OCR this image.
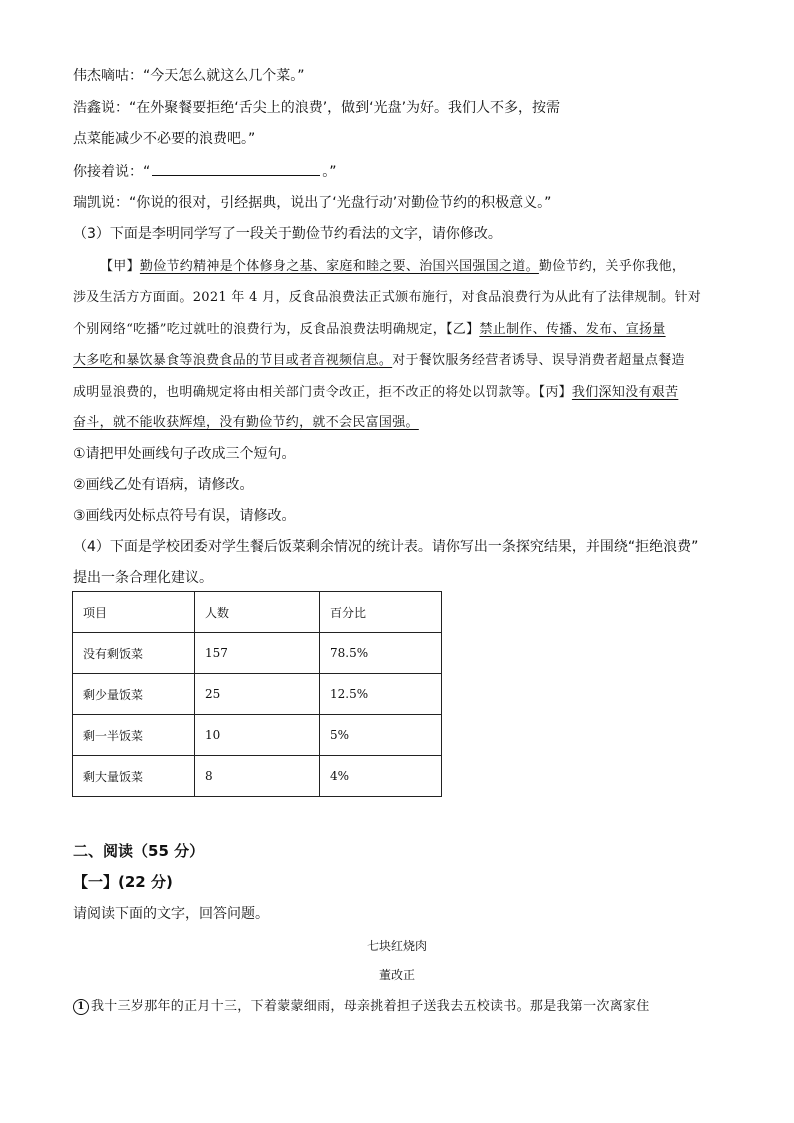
伟杰嘀咕：“今天怎么就这么几个菜。”
浩鑫说：“在外聚餐要拒绝‘舌尖上的浪费’，做到‘光盘’为好。我们人不多，按需
点菜能减少不必要的浪费吧。”
你接着说：“	。”
瑞凯说：“你说的很对，引经据典，说出了‘光盘行动’对勤俭节约的积极意义。”
（3）下面是李明同学写了一段关于勤俭节约看法的文字，请你修改。
【甲】勤俭节约精神是个体修身之基、家庭和睦之要、治国兴国强国之道。勤俭节约，关乎你我他，
涉及生活方方面面。2021 年 4 月，反食品浪费法正式颁布施行，对食品浪费行为从此有了法律规制。针对
个别网络“吃播”吃过就吐的浪费行为，反食品浪费法明确规定，【乙】禁止制作、传播、发布、宣扬量
大多吃和暴饮暴食等浪费食品的节目或者音视频信息。对于餐饮服务经营者诱导、误导消费者超量点餐造
成明显浪费的，也明确规定将由相关部门责令改正，拒不改正的将处以罚款等。【丙】我们深知没有艰苦
奋斗，就不能收获辉煌，没有勤俭节约，就不会民富国强。
①请把甲处画线句子改成三个短句。
②画线乙处有语病，请修改。
③画线丙处标点符号有误，请修改。
（4）下面是学校团委对学生餐后饭菜剩余情况的统计表。请你写出一条探究结果，并围绕“拒绝浪费”
提出一条合理化建议。
项目	人数	百分比
没有剩饭菜	157	78.5%
剩少量饭菜	25	12.5%
剩一半饭菜	10	5%
剩大量饭菜	8	4%
二、阅读（55 分）
【一】(22 分)
请阅读下面的文字，回答问题。
七块红烧肉
董改正
1 我十三岁那年的正月十三，下着蒙蒙细雨，母亲挑着担子送我去五校读书。那是我第一次离家住
